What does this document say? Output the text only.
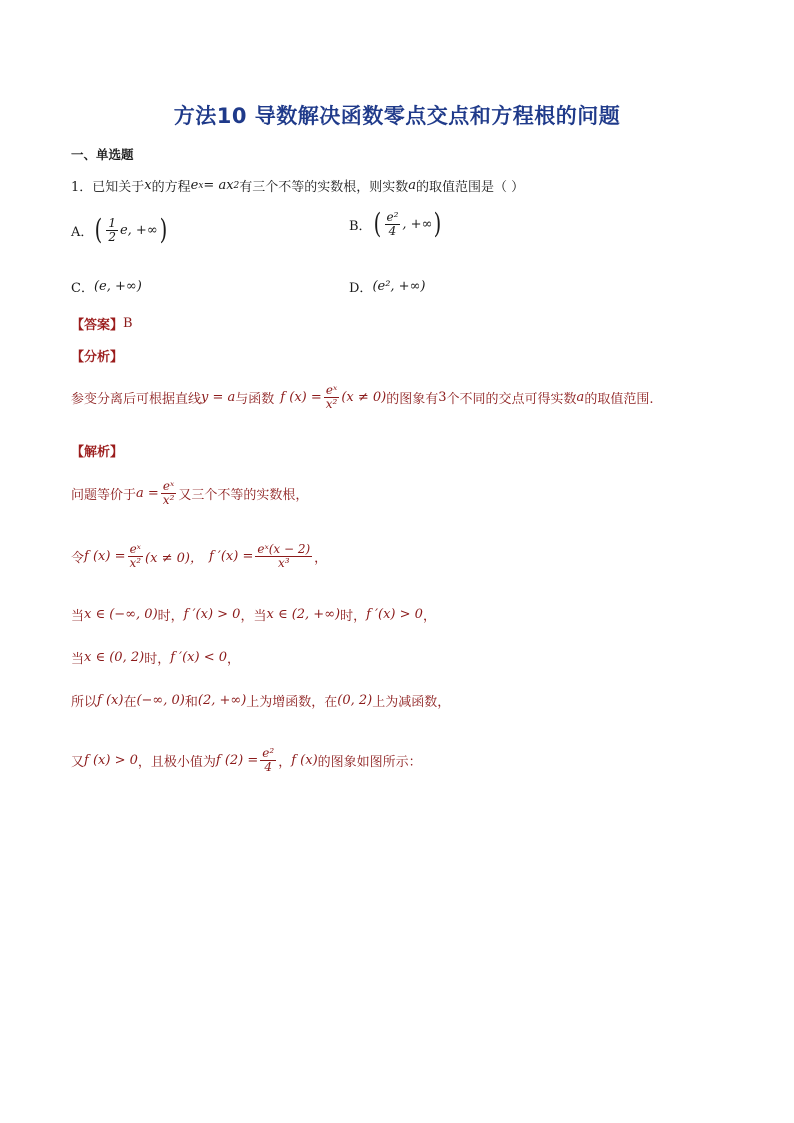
方法10 导数解决函数零点交点和方程根的问题
一、单选题
1．已知关于 x 的方程 e x = ax 2 有三个不等的实数根，则实数 a 的取值范围是（ ）
A． ( $\frac{1}{2} e$, +∞ )	B． ( $\frac{\text{e²}}{4}$ , +∞ )
C． (e, +∞)	D． (e², +∞)
【答案】 B
【分析】
参变分离后可根据直线 y = a 与函数 f $(x) = \frac{\text{eˣ}}{\text{x²}} (x \ne 0)$ 的图象有 3 个不同的交点可得实数 a 的取值范围.
【解析】
问题等价于 $a = \frac{\text{eˣ}}{\text{x²}}$ 又三个不等的实数根，
令 f $(x) = \frac{\text{eˣ}}{\text{x²}} (x \ne 0)$， f $'(x) = \frac{\text{eˣ(x − 2)}}{\text{x³}}$ ，
当 x ∈ (−∞, 0) 时， f ′(x) > 0 ，当 x ∈ (2, +∞) 时， f ′(x) > 0 ，
当 x ∈ (0, 2) 时， f ′(x) < 0 ，
所以 f (x) 在 (−∞, 0) 和 (2, +∞) 上为增函数，在 (0, 2) 上为减函数，
又 f (x) > 0 ，且极小值为 f $(2) = \frac{\text{e²}}{4}$ ， f (x) 的图象如图所示：
